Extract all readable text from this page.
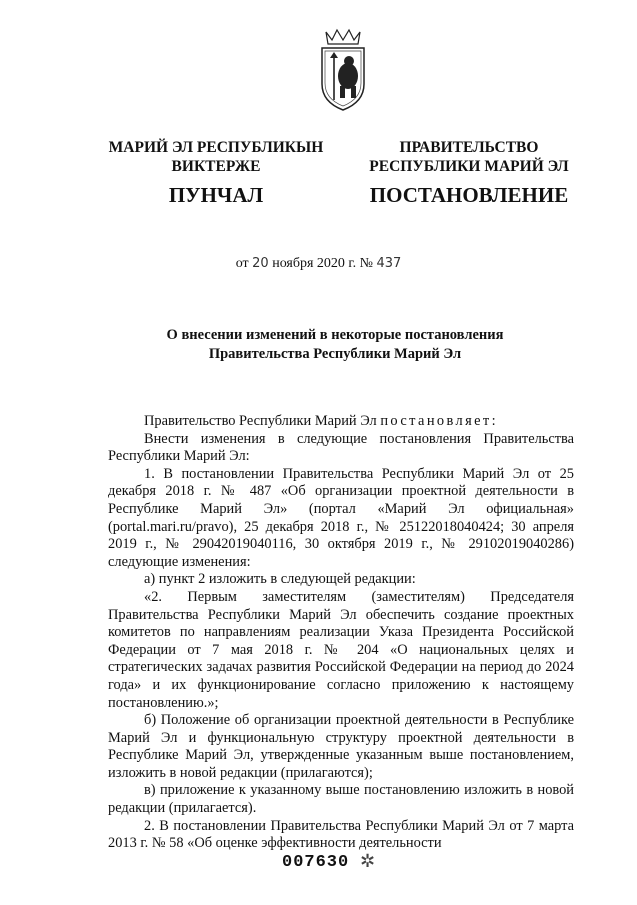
МАРИЙ ЭЛ РЕСПУБЛИКЫН
ВИКТЕРЖЕ
ПУНЧАЛ
ПРАВИТЕЛЬСТВО
РЕСПУБЛИКИ МАРИЙ ЭЛ
ПОСТАНОВЛЕНИЕ
от 20 ноября 2020 г. № 437
О внесении изменений в некоторые постановления
Правительства Республики Марий Эл

Правительство Республики Марий Эл постановляет:

Внести изменения в следующие постановления Правительства Республики Марий Эл:

1. В постановлении Правительства Республики Марий Эл от 25 декабря 2018 г. № 487 «Об организации проектной деятельности в Республике Марий Эл» (портал «Марий Эл официальная» (portal.mari.ru/pravo), 25 декабря 2018 г., № 25122018040424; 30 апреля 2019 г., № 29042019040116, 30 октября 2019 г., № 29102019040286) следующие изменения:

а) пункт 2 изложить в следующей редакции:

«2. Первым заместителям (заместителям) Председателя Правительства Республики Марий Эл обеспечить создание проектных комитетов по направлениям реализации Указа Президента Российской Федерации от 7 мая 2018 г. № 204 «О национальных целях и стратегических задачах развития Российской Федерации на период до 2024 года» и их функционирование согласно приложению к настоящему постановлению.»;

б) Положение об организации проектной деятельности в Республике Марий Эл и функциональную структуру проектной деятельности в Республике Марий Эл, утвержденные указанным выше постановлением, изложить в новой редакции (прилагаются);

в) приложение к указанному выше постановлению изложить в новой редакции (прилагается).

2. В постановлении Правительства Республики Марий Эл от 7 марта 2013 г. № 58 «Об оценке эффективности деятельности

007630 ✲
